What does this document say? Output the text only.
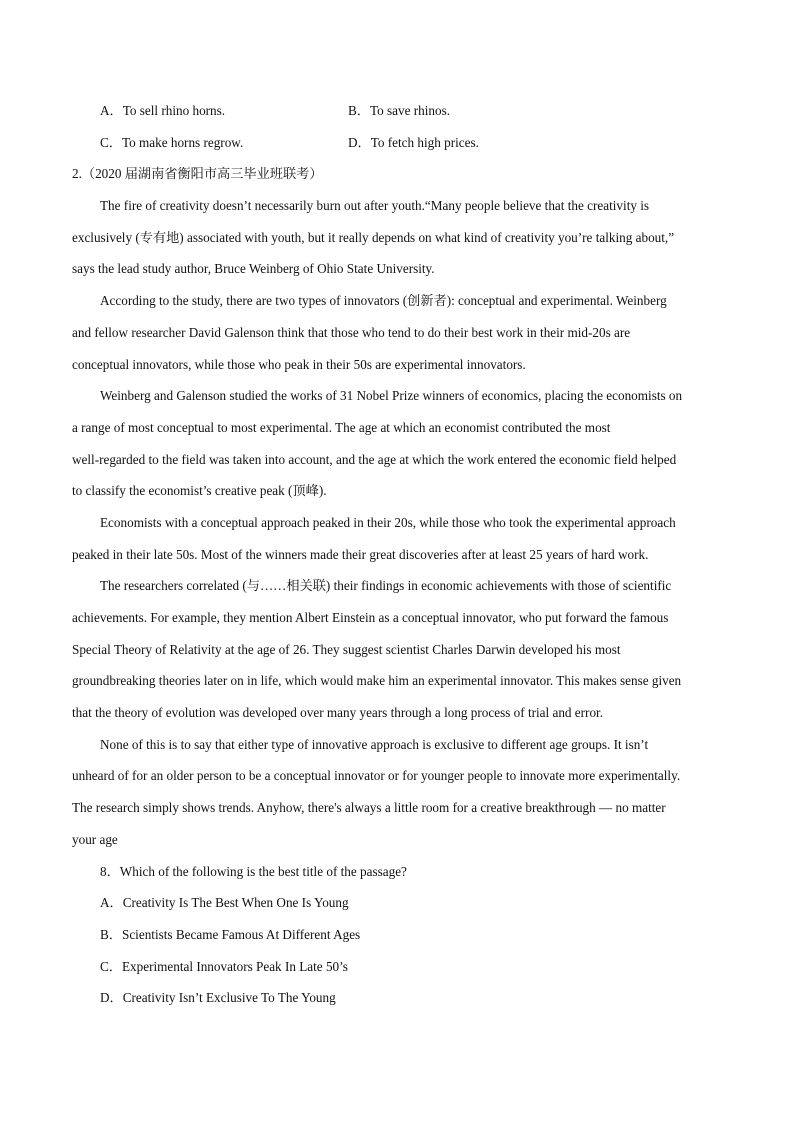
A．To sell rhino horns.	B．To save rhinos.
C．To make horns regrow.	D．To fetch high prices.
2.（2020 届湖南省衡阳市高三毕业班联考）
The fire of creativity doesn’t necessarily burn out after youth.“Many people believe that the creativity is
exclusively (专有地) associated with youth, but it really depends on what kind of creativity you’re talking about,”
says the lead study author, Bruce Weinberg of Ohio State University.
According to the study, there are two types of innovators (创新者): conceptual and experimental. Weinberg
and fellow researcher David Galenson think that those who tend to do their best work in their mid-20s are
conceptual innovators, while those who peak in their 50s are experimental innovators.
Weinberg and Galenson studied the works of 31 Nobel Prize winners of economics, placing the economists on
a range of most conceptual to most experimental. The age at which an economist contributed the most
well-regarded to the field was taken into account, and the age at which the work entered the economic field helped
to classify the economist’s creative peak (顶峰).
Economists with a conceptual approach peaked in their 20s, while those who took the experimental approach
peaked in their late 50s. Most of the winners made their great discoveries after at least 25 years of hard work.
The researchers correlated (与……相关联) their findings in economic achievements with those of scientific
achievements. For example, they mention Albert Einstein as a conceptual innovator, who put forward the famous
Special Theory of Relativity at the age of 26. They suggest scientist Charles Darwin developed his most
groundbreaking theories later on in life, which would make him an experimental innovator. This makes sense given
that the theory of evolution was developed over many years through a long process of trial and error.
None of this is to say that either type of innovative approach is exclusive to different age groups. It isn’t
unheard of for an older person to be a conceptual innovator or for younger people to innovate more experimentally.
The research simply shows trends. Anyhow, there's always a little room for a creative breakthrough — no matter
your age
8．Which of the following is the best title of the passage?
A．Creativity Is The Best When One Is Young
B．Scientists Became Famous At Different Ages
C．Experimental Innovators Peak In Late 50’s
D．Creativity Isn’t Exclusive To The Young
